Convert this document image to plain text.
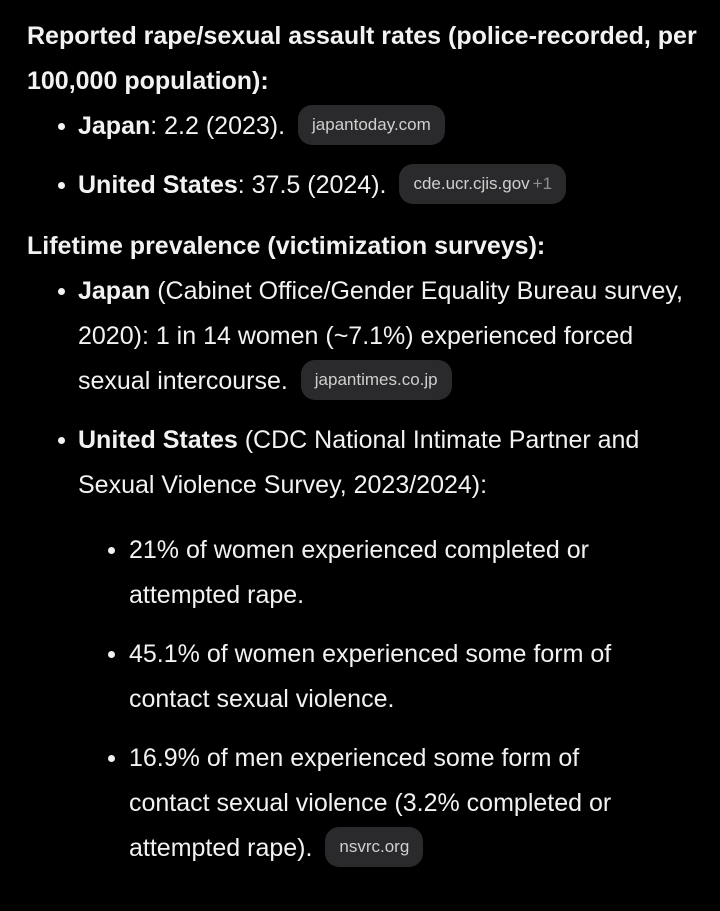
Reported rape/sexual assault rates (police-recorded, per 100,000 population):

Japan: 2.2 (2023). japantoday.com
United States: 37.5 (2024). cde.ucr.cjis.gov +1

Lifetime prevalence (victimization surveys):

Japan (Cabinet Office/Gender Equality Bureau survey, 2020): 1 in 14 women (~7.1%) experienced forced sexual intercourse. japantimes.co.jp
United States (CDC National Intimate Partner and Sexual Violence Survey, 2023/2024):
21% of women experienced completed or attempted rape.
45.1% of women experienced some form of contact sexual violence.
16.9% of men experienced some form of contact sexual violence (3.2% completed or attempted rape). nsvrc.org
